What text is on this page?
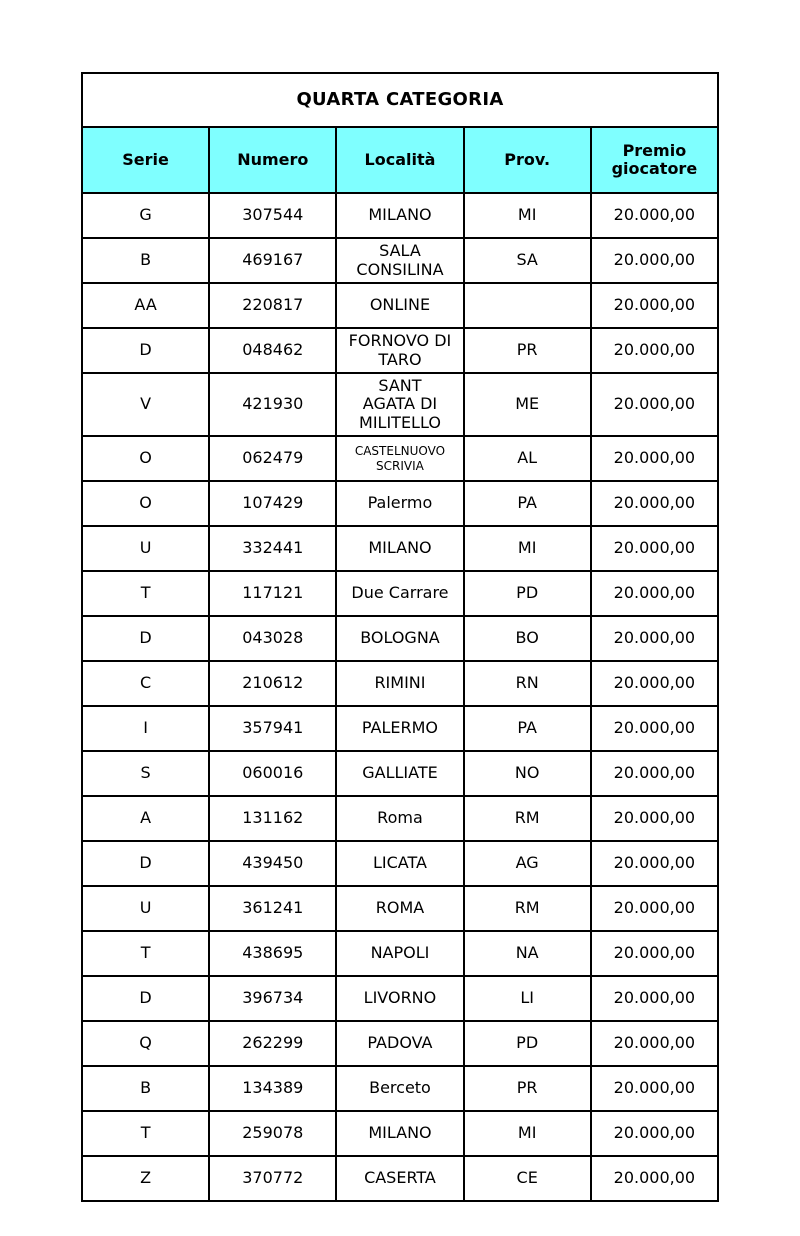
QUARTA CATEGORIA				
Serie	Numero	Località	Prov.	Premio giocatore
G	307544	MILANO	MI	20.000,00
B	469167	SALA CONSILINA	SA	20.000,00
AA	220817	ONLINE		20.000,00
D	048462	FORNOVO DI TARO	PR	20.000,00
V	421930	SANT AGATA DI MILITELLO	ME	20.000,00
O	062479	CASTELNUOVO SCRIVIA	AL	20.000,00
O	107429	Palermo	PA	20.000,00
U	332441	MILANO	MI	20.000,00
T	117121	Due Carrare	PD	20.000,00
D	043028	BOLOGNA	BO	20.000,00
C	210612	RIMINI	RN	20.000,00
I	357941	PALERMO	PA	20.000,00
S	060016	GALLIATE	NO	20.000,00
A	131162	Roma	RM	20.000,00
D	439450	LICATA	AG	20.000,00
U	361241	ROMA	RM	20.000,00
T	438695	NAPOLI	NA	20.000,00
D	396734	LIVORNO	LI	20.000,00
Q	262299	PADOVA	PD	20.000,00
B	134389	Berceto	PR	20.000,00
T	259078	MILANO	MI	20.000,00
Z	370772	CASERTA	CE	20.000,00
